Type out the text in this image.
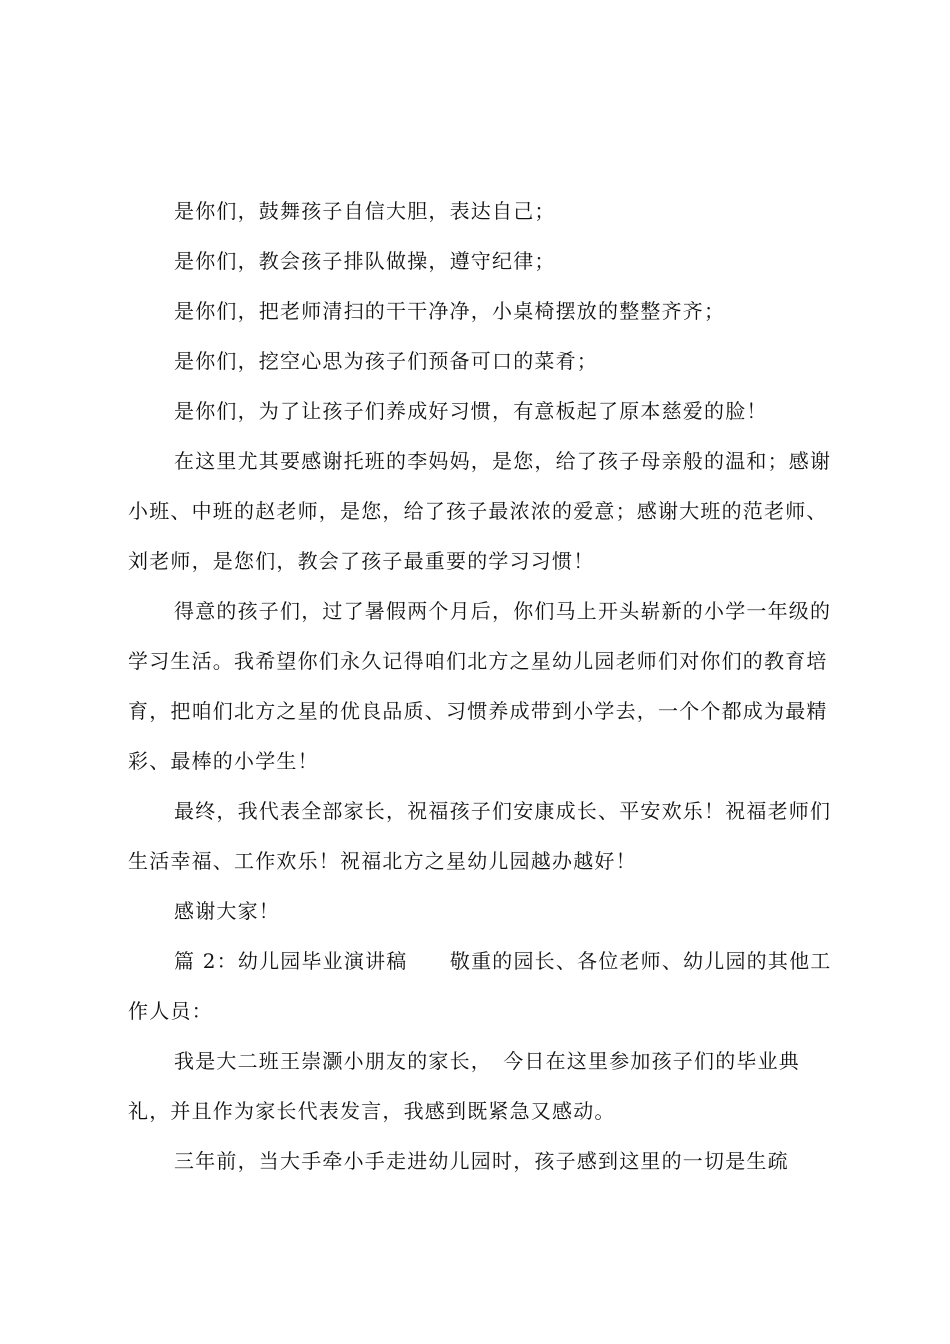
是你们，鼓舞孩子自信大胆，表达自己；

是你们，教会孩子排队做操，遵守纪律；

是你们，把老师清扫的干干净净，小桌椅摆放的整整齐齐；

是你们，挖空心思为孩子们预备可口的菜肴；

是你们，为了让孩子们养成好习惯，有意板起了原本慈爱的脸！

在这里尤其要感谢托班的李妈妈，是您，给了孩子母亲般的温和；感谢小班、中班的赵老师，是您，给了孩子最浓浓的爱意；感谢大班的范老师、刘老师，是您们，教会了孩子最重要的学习习惯！

得意的孩子们，过了暑假两个月后，你们马上开头崭新的小学一年级的学习生活。我希望你们永久记得咱们北方之星幼儿园老师们对你们的教育培育，把咱们北方之星的优良品质、习惯养成带到小学去，一个个都成为最精彩、最棒的小学生！

最终，我代表全部家长，祝福孩子们安康成长、平安欢乐！祝福老师们生活幸福、工作欢乐！祝福北方之星幼儿园越办越好！

感谢大家！

篇 2：幼儿园毕业演讲稿　　敬重的园长、各位老师、幼儿园的其他工作人员：

我是大二班王崇灏小朋友的家长，　今日在这里参加孩子们的毕业典礼，并且作为家长代表发言，我感到既紧急又感动。

三年前，当大手牵小手走进幼儿园时，孩子感到这里的一切是生疏
